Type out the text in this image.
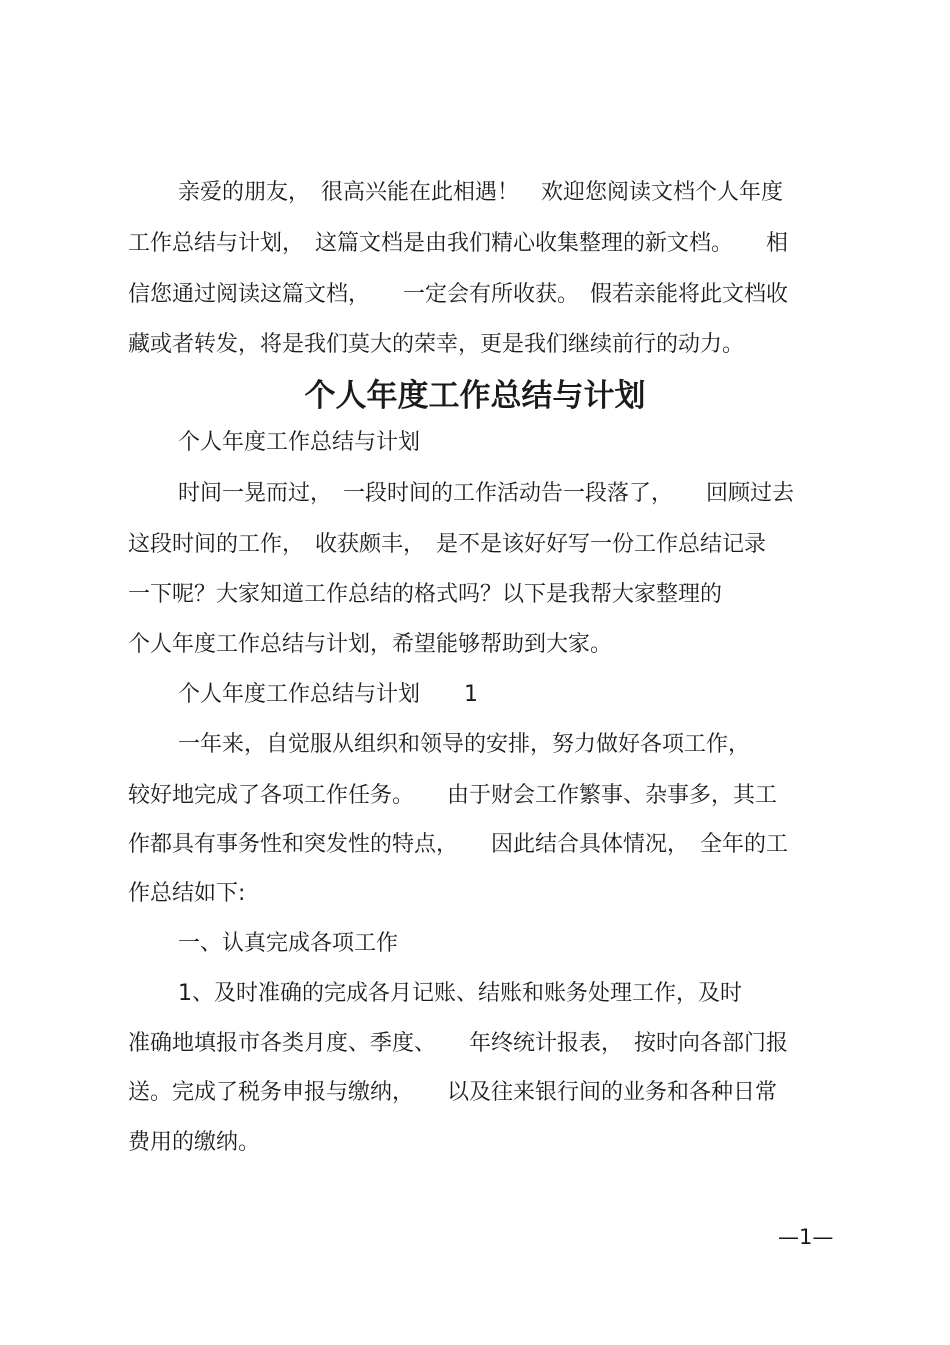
亲爱的朋友，　很高兴能在此相遇！　欢迎您阅读文档个人年度

工作总结与计划，　这篇文档是由我们精心收集整理的新文档。　　相

信您通过阅读这篇文档，　　一定会有所收获。　假若亲能将此文档收

藏或者转发，将是我们莫大的荣幸，更是我们继续前行的动力。

个人年度工作总结与计划

个人年度工作总结与计划

时间一晃而过，　一段时间的工作活动告一段落了，　　回顾过去

这段时间的工作，　收获颇丰，　是不是该好好写一份工作总结记录

一下呢？大家知道工作总结的格式吗？以下是我帮大家整理的

个人年度工作总结与计划，希望能够帮助到大家。

个人年度工作总结与计划　　1

一年来，自觉服从组织和领导的安排，努力做好各项工作，

较好地完成了各项工作任务。　　由于财会工作繁事、杂事多，其工

作都具有事务性和突发性的特点，　　因此结合具体情况，　全年的工

作总结如下:

一、认真完成各项工作

1、及时准确的完成各月记账、结账和账务处理工作，及时

准确地填报市各类月度、季度、　　年终统计报表，　按时向各部门报

送。完成了税务申报与缴纳，　　以及往来银行间的业务和各种日常

费用的缴纳。

—1—
